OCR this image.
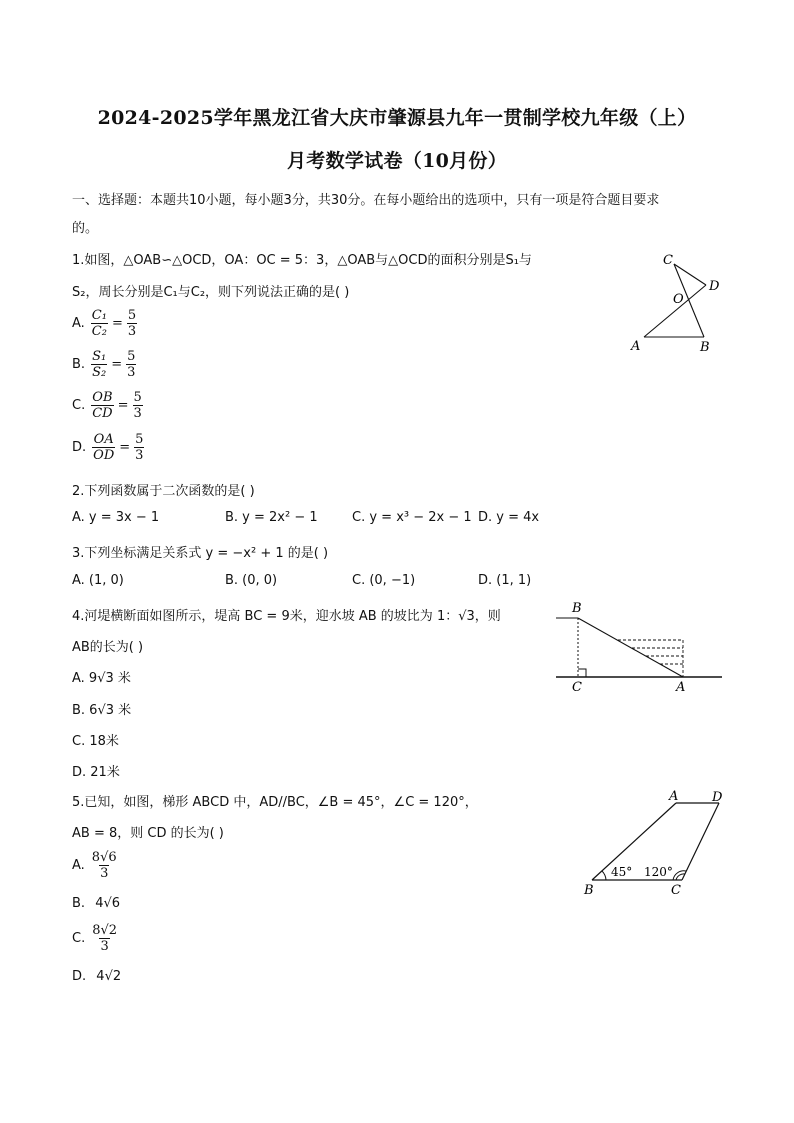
2024-2025学年黑龙江省大庆市肇源县九年一贯制学校九年级（上）
月考数学试卷（10月份）
一、选择题：本题共10小题，每小题3分，共30分。在每小题给出的选项中，只有一项是符合题目要求
的。
1.如图，△OAB∽△OCD，OA：OC = 5：3，△OAB与△OCD的面积分别是S₁与
S₂，周长分别是C₁与C₂，则下列说法正确的是( )
A. $\frac{\text{C₁}}{\text{C₂}} = \frac{5}{3}$
B. $\frac{\text{S₁}}{\text{S₂}} = \frac{5}{3}$
C. $\frac{OB}{CD} = \frac{5}{3}$
D. $\frac{OA}{OD} = \frac{5}{3}$
C
D
O
A	B
2.下列函数属于二次函数的是( )
A. y = 3x − 1	B. y = 2x² − 1	C. y = x³ − 2x − 1 D. y = 4x
3.下列坐标满足关系式 y = −x² + 1 的是( )
A. (1, 0)	B. (0, 0)	C. (0, −1)	D. (1, 1)
4.河堤横断面如图所示，堤高 BC = 9米，迎水坡 AB 的坡比为 1：√3，则
AB的长为( )
A. 9√3 米
B. 6√3 米
C. 18米
D. 21米
B
C	A
5.已知，如图，梯形 ABCD 中，AD//BC，∠B = 45°，∠C = 120°，
AB = 8，则 CD 的长为( )
A.
8√6
3
B. 4√6
C.
8√2
3
D. 4√2
A	D
B	C
45° 120°
